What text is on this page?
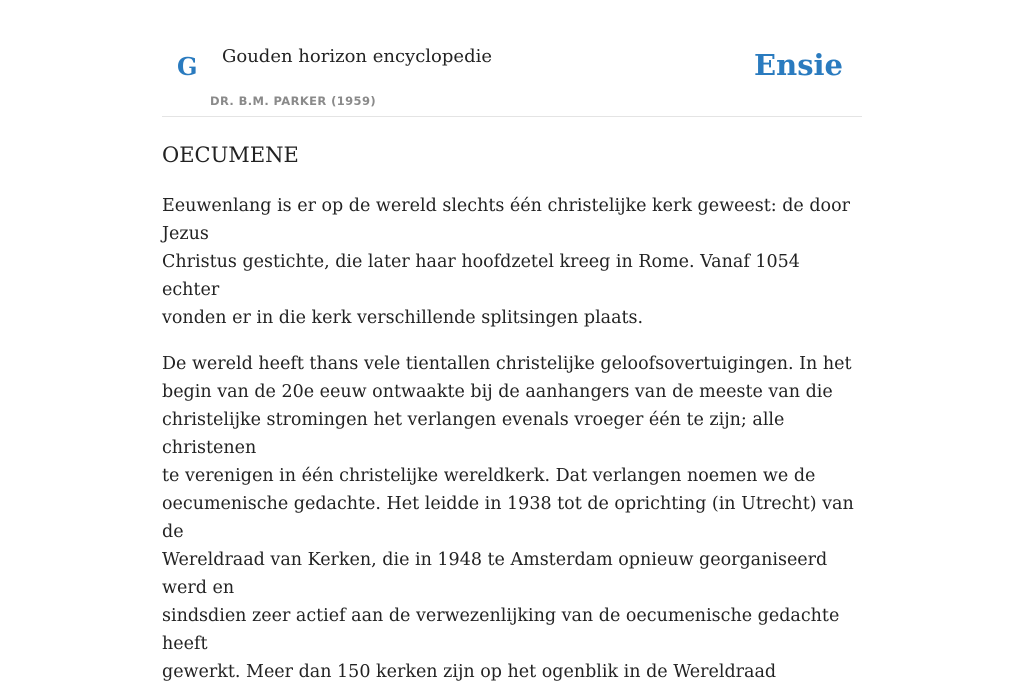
G Gouden horizon encyclopedie
DR. B.M. PARKER (1959)
Ensie
OECUMENE

Eeuwenlang is er op de wereld slechts één christelijke kerk geweest: de door Jezus
Christus gestichte, die later haar hoofdzetel kreeg in Rome. Vanaf 1054 echter
vonden er in die kerk verschillende splitsingen plaats.

De wereld heeft thans vele tientallen christelijke geloofsovertuigingen. In het
begin van de 20e eeuw ontwaakte bij de aanhangers van de meeste van die
christelijke stromingen het verlangen evenals vroeger één te zijn; alle christenen
te verenigen in één christelijke wereldkerk. Dat verlangen noemen we de
oecumenische gedachte. Het leidde in 1938 tot de oprichting (in Utrecht) van de
Wereldraad van Kerken, die in 1948 te Amsterdam opnieuw georganiseerd werd en
sindsdien zeer actief aan de verwezenlijking van de oecumenische gedachte heeft
gewerkt. Meer dan 150 kerken zijn op het ogenblik in de Wereldraad
